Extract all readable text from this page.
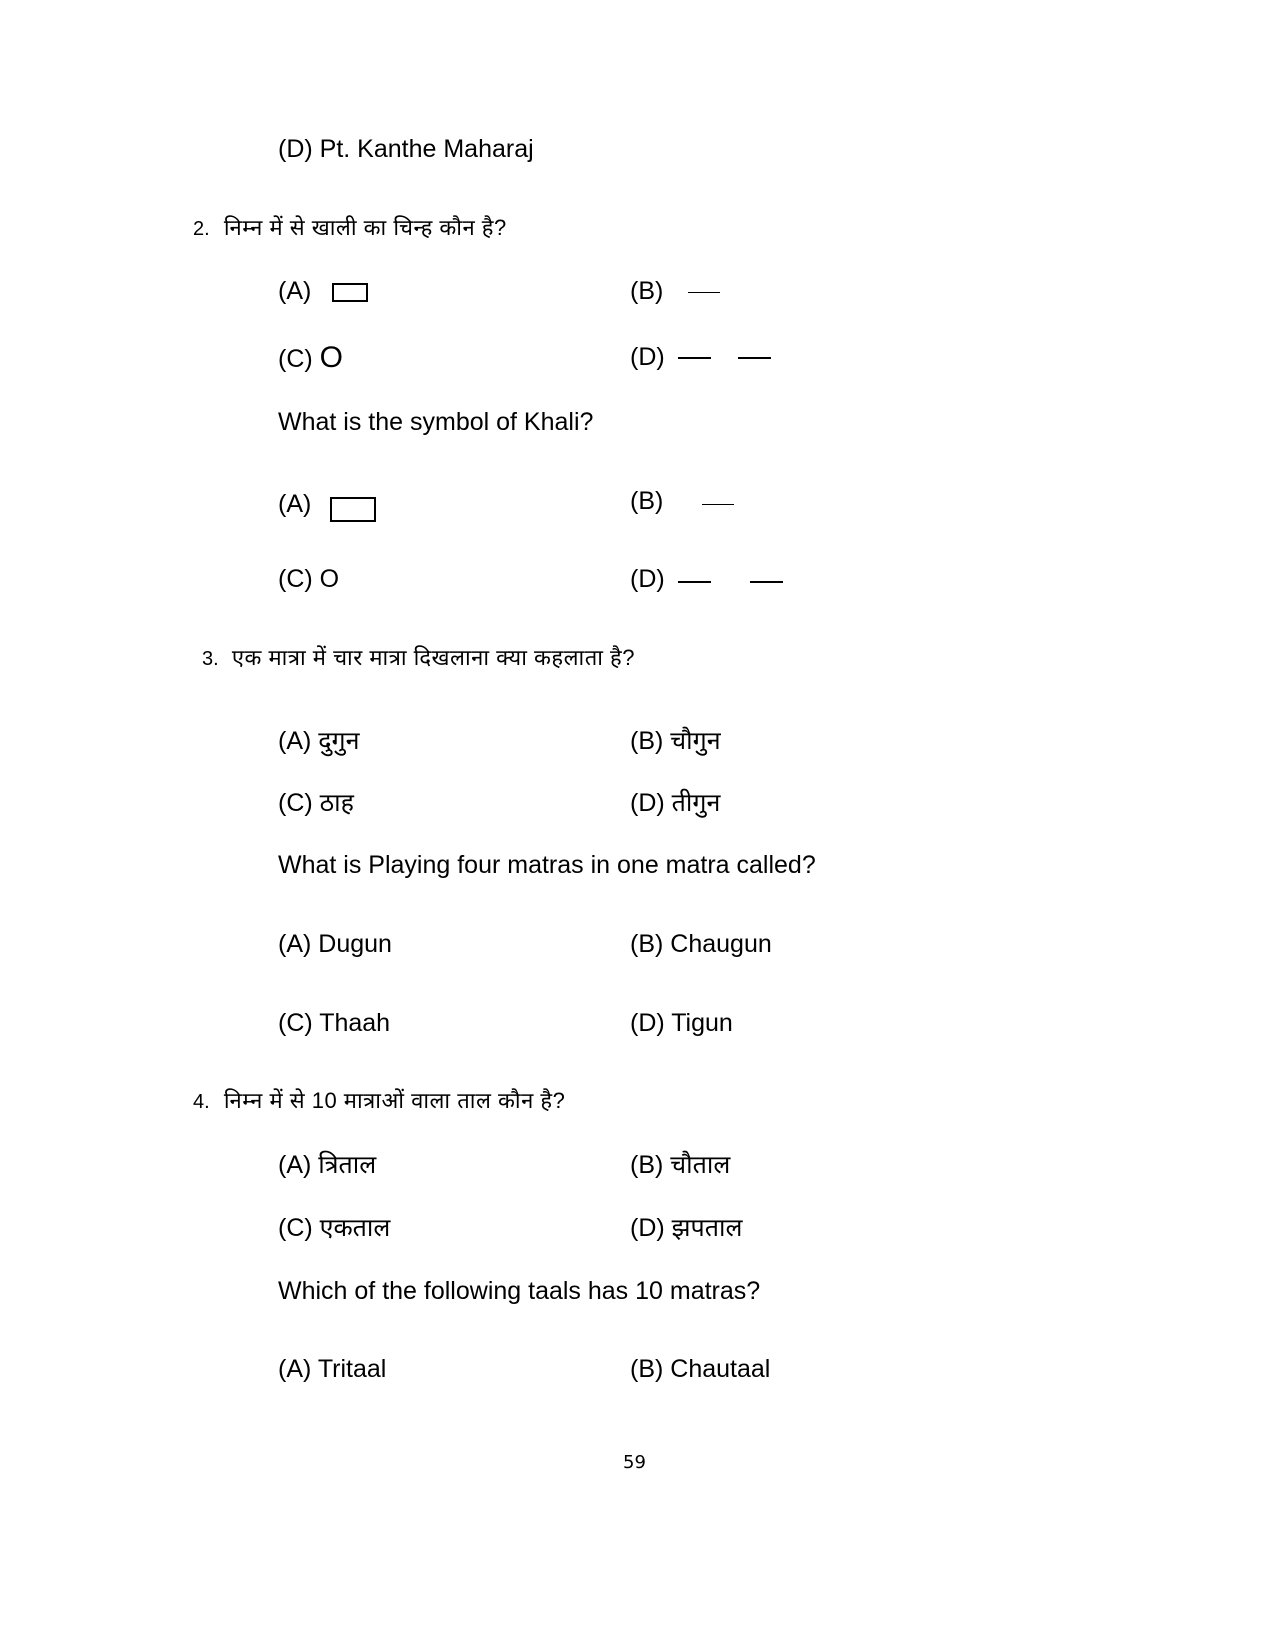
(D) Pt. Kanthe Maharaj
2. निम्न में से खाली का चिन्ह कौन है?
(A)	(B)
(C) O	(D)
What is the symbol of Khali?
(A)	(B)
(C) O	(D)
3. एक मात्रा में चार मात्रा दिखलाना क्या कहलाता है?
(A) दुगुन	(B) चौगुन
(C) ठाह	(D) तीगुन
What is Playing four matras in one matra called?
(A) Dugun	(B) Chaugun
(C) Thaah	(D) Tigun
4. निम्न में से 10 मात्राओं वाला ताल कौन है?
(A) त्रिताल	(B) चौताल
(C) एकताल	(D) झपताल
Which of the following taals has 10 matras?
(A) Tritaal	(B) Chautaal
59
